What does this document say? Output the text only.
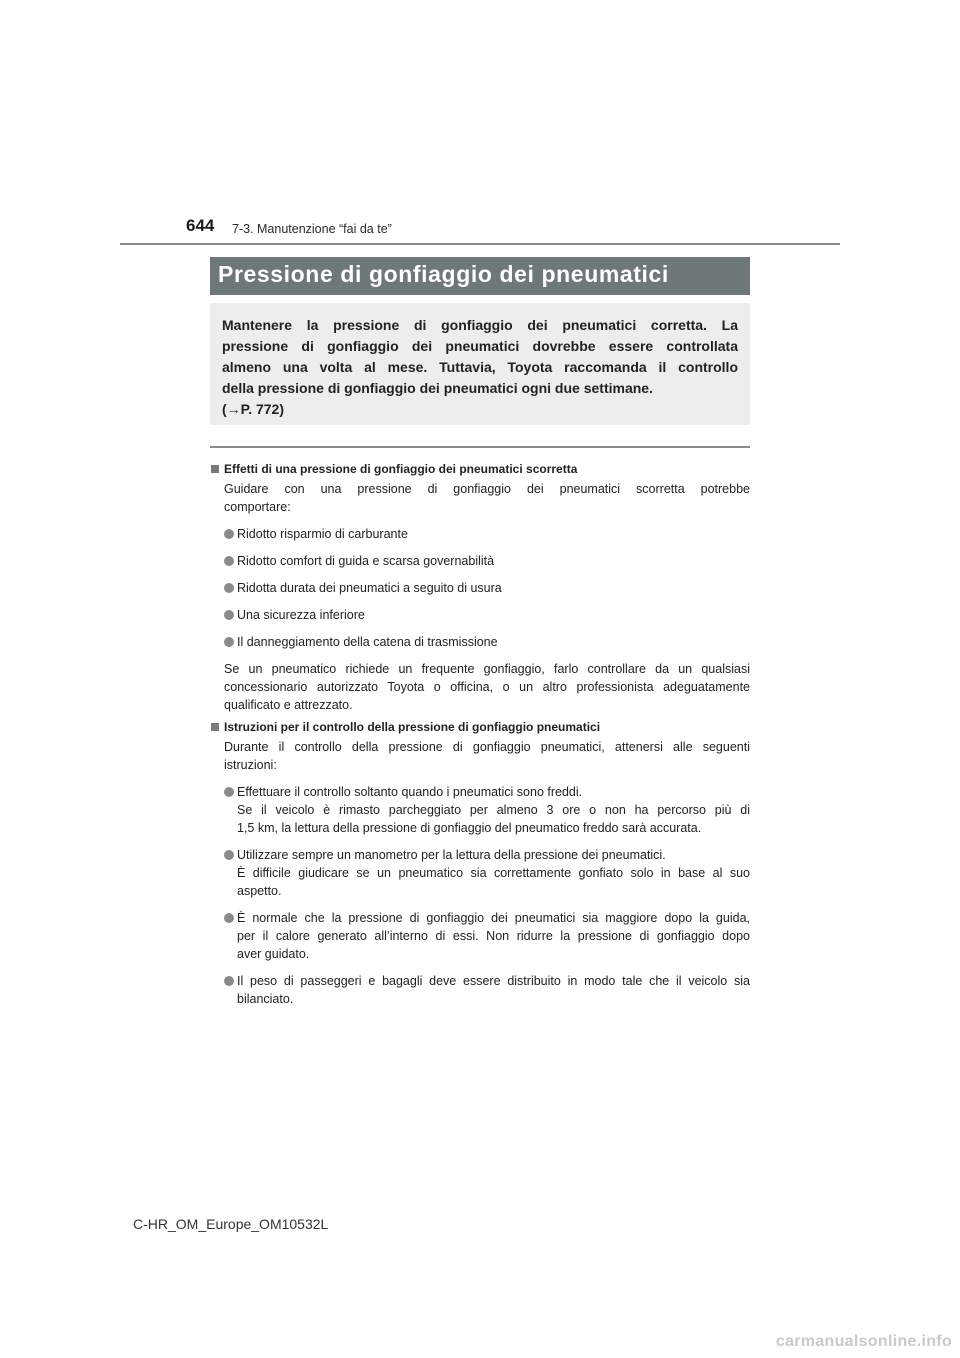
644 7-3. Manutenzione “fai da te”
Pressione di gonfiaggio dei pneumatici
Mantenere la pressione di gonfiaggio dei pneumatici corretta. La
pressione di gonfiaggio dei pneumatici dovrebbe essere controllata
almeno una volta al mese. Tuttavia, Toyota raccomanda il controllo
della pressione di gonfiaggio dei pneumatici ogni due settimane.
(→P. 772)
Effetti di una pressione di gonfiaggio dei pneumatici scorretta
Guidare con una pressione di gonfiaggio dei pneumatici scorretta potrebbe
comportare:
Ridotto risparmio di carburante
Ridotto comfort di guida e scarsa governabilità
Ridotta durata dei pneumatici a seguito di usura
Una sicurezza inferiore
Il danneggiamento della catena di trasmissione
Se un pneumatico richiede un frequente gonfiaggio, farlo controllare da un qualsiasi
concessionario autorizzato Toyota o officina, o un altro professionista adeguatamente
qualificato e attrezzato.
Istruzioni per il controllo della pressione di gonfiaggio pneumatici
Durante il controllo della pressione di gonfiaggio pneumatici, attenersi alle seguenti
istruzioni:
Effettuare il controllo soltanto quando i pneumatici sono freddi.
Se il veicolo è rimasto parcheggiato per almeno 3 ore o non ha percorso più di
1,5 km, la lettura della pressione di gonfiaggio del pneumatico freddo sarà accurata.
Utilizzare sempre un manometro per la lettura della pressione dei pneumatici.
È difficile giudicare se un pneumatico sia correttamente gonfiato solo in base al suo
aspetto.
È normale che la pressione di gonfiaggio dei pneumatici sia maggiore dopo la guida,
per il calore generato all’interno di essi. Non ridurre la pressione di gonfiaggio dopo
aver guidato.
Il peso di passeggeri e bagagli deve essere distribuito in modo tale che il veicolo sia
bilanciato.
C-HR_OM_Europe_OM10532L
carmanualsonline.info
